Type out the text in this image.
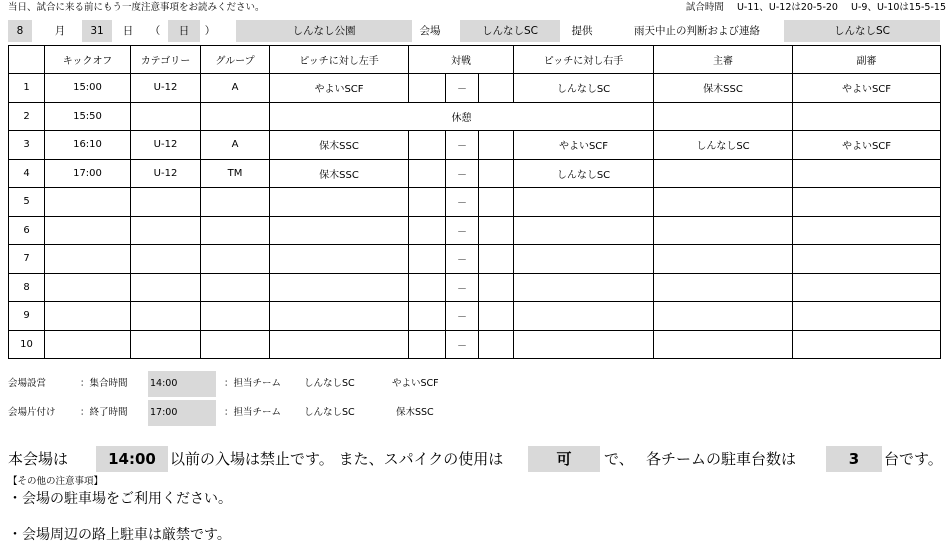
当日、試合に来る前にもう一度注意事項をお読みください。	試合時間 U-11、U-12は20-5-20 U-9、U-10は15-5-15
8	月	31	日	（	日	）	しんなし公園	会場	しんなしSC	提供	雨天中止の判断および連絡	しんなしSC
	キックオフ	カテゴリー	グループ	ピッチに対し左手	対戦			ピッチに対し右手	主審	副審
1	15:00	U-12	A	やよいSCF		－		しんなしSC	保木SSC	やよいSCF
2	15:50			休憩						
3	16:10	U-12	A	保木SSC		－		やよいSCF	しんなしSC	やよいSCF
4	17:00	U-12	TM	保木SSC		－		しんなしSC		
5						－				
6						－				
7						－				
8						－				
9						－				
10						－				
会場設営	：集合時間 14:00	：担当チーム しんなしSC	やよいSCF
会場片付け	：終了時間 17:00	：担当チーム しんなしSC	保木SSC
本会場は	14:00 以前の入場は禁止です。 また、スパイクの使用は	可	で、 各チームの駐車台数は	3	台です。
【その他の注意事項】
・会場の駐車場をご利用ください。
・会場周辺の路上駐車は厳禁です。
